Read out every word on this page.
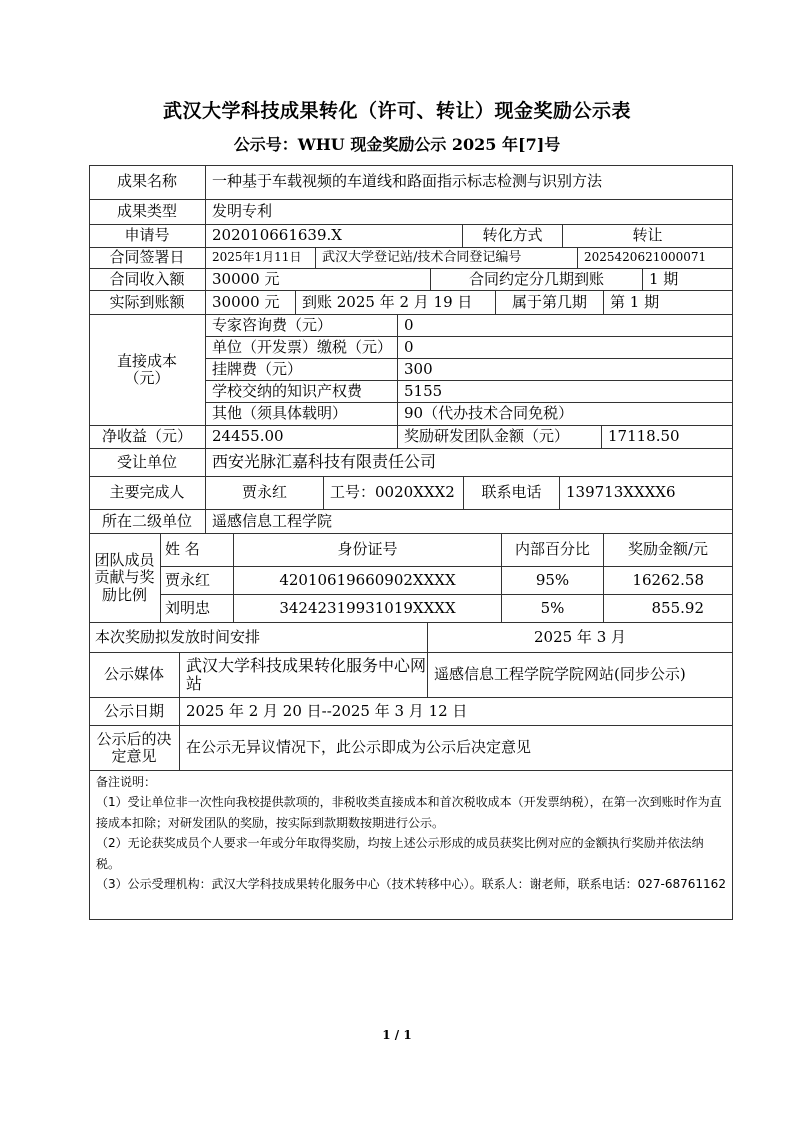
武汉大学科技成果转化（许可、转让）现金奖励公示表
公示号：WHU 现金奖励公示 2025 年[7]号
成果名称	一种基于车载视频的车道线和路面指示标志检测与识别方法
成果类型	发明专利
申请号	202010661639.X	转化方式	转让
合同签署日	2025年1月11日	武汉大学登记站/技术合同登记编号	2025420621000071
合同收入额	30000 元	合同约定分几期到账	1 期
实际到账额	30000 元	到账 2025 年 2 月 19 日	属于第几期	第 1 期
直接成本（元）
专家咨询费（元）	0
单位（开发票）缴税（元） 0
挂牌费（元）	300
学校交纳的知识产权费	5155
其他（须具体载明）	90（代办技术合同免税）
净收益（元）	24455.00	奖励研发团队金额（元）	17118.50
受让单位	西安光脉汇嘉科技有限责任公司
主要完成人	贾永红	工号： 0020XXX2	联系电话	139713XXXX6
所在二级单位	遥感信息工程学院
团队成员贡献与奖励比例
姓 名	身份证号	内部百分比	奖励金额/元
贾永红	42010619660902XXXX	95%	16262.58
刘明忠	34242319931019XXXX	5%	855.92
本次奖励拟发放时间安排	2025 年 3 月
公示媒体	武汉大学科技成果转化服务中心网站	遥感信息工程学院学院网站(同步公示)
公示日期	2025 年 2 月 20 日--2025 年 3 月 12 日
公示后的决定意见	在公示无异议情况下，此公示即成为公示后决定意见

备注说明：

（1）受让单位非一次性向我校提供款项的，非税收类直接成本和首次税收成本（开发票纳税），在第一次到账时作为直接成本扣除；对研发团队的奖励，按实际到款期数按期进行公示。

（2）无论获奖成员个人要求一年或分年取得奖励，均按上述公示形成的成员获奖比例对应的金额执行奖励并依法纳税。

（3）公示受理机构：武汉大学科技成果转化服务中心（技术转移中心）。联系人：谢老师，联系电话：027-68761162

1 / 1
